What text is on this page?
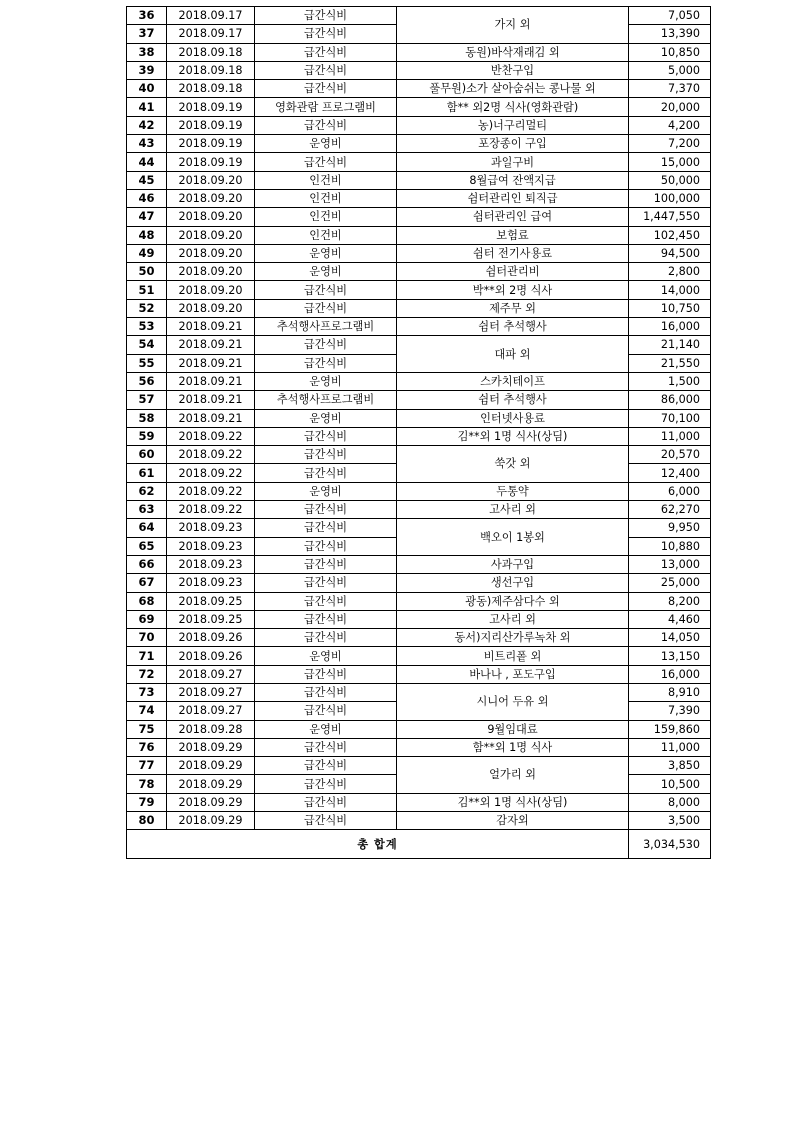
36	2018.09.17	급간식비	가지 외	7,050
37	2018.09.17	급간식비		13,390
38	2018.09.18	급간식비	동원)바삭재래김 외	10,850
39	2018.09.18	급간식비	반찬구입	5,000
40	2018.09.18	급간식비	풀무원)소가 살아숨쉬는 콩나물 외	7,370
41	2018.09.19	영화관람 프로그램비	함** 외2명 식사(영화관람)	20,000
42	2018.09.19	급간식비	농)너구리멀티	4,200
43	2018.09.19	운영비	포장종이 구입	7,200
44	2018.09.19	급간식비	과일구비	15,000
45	2018.09.20	인건비	8월급여 잔액지급	50,000
46	2018.09.20	인건비	쉼터관리인 퇴직급	100,000
47	2018.09.20	인건비	쉼터관리인 급여	1,447,550
48	2018.09.20	인건비	보험료	102,450
49	2018.09.20	운영비	쉼터 전기사용료	94,500
50	2018.09.20	운영비	쉼터관리비	2,800
51	2018.09.20	급간식비	박**외 2명 식사	14,000
52	2018.09.20	급간식비	제주무 외	10,750
53	2018.09.21	추석행사프로그램비	쉼터 추석행사	16,000
54	2018.09.21	급간식비	대파 외	21,140
55	2018.09.21	급간식비		21,550
56	2018.09.21	운영비	스카치테이프	1,500
57	2018.09.21	추석행사프로그램비	쉼터 추석행사	86,000
58	2018.09.21	운영비	인터넷사용료	70,100
59	2018.09.22	급간식비	김**외 1명 식사(상딤)	11,000
60	2018.09.22	급간식비	쑥갓 외	20,570
61	2018.09.22	급간식비		12,400
62	2018.09.22	운영비	두통약	6,000
63	2018.09.22	급간식비	고사리 외	62,270
64	2018.09.23	급간식비	백오이 1봉외	9,950
65	2018.09.23	급간식비		10,880
66	2018.09.23	급간식비	사과구입	13,000
67	2018.09.23	급간식비	생선구입	25,000
68	2018.09.25	급간식비	광동)제주삼다수 외	8,200
69	2018.09.25	급간식비	고사리 외	4,460
70	2018.09.26	급간식비	동서)지리산가루녹차 외	14,050
71	2018.09.26	운영비	비트리퐅 외	13,150
72	2018.09.27	급간식비	바나나 , 포도구입	16,000
73	2018.09.27	급간식비	시니어 두유 외	8,910
74	2018.09.27	급간식비		7,390
75	2018.09.28	운영비	9월임대료	159,860
76	2018.09.29	급간식비	함**외 1명 식사	11,000
77	2018.09.29	급간식비	얼가리 외	3,850
78	2018.09.29	급간식비		10,500
79	2018.09.29	급간식비	김**외 1명 식사(상딤)	8,000
80	2018.09.29	급간식비	감자외	3,500
총 합계				3,034,530
